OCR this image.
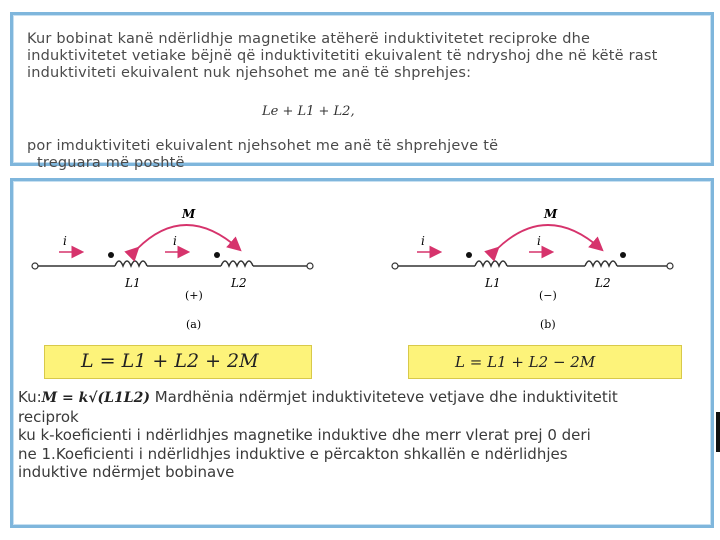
Kur bobinat kanë ndërlidhje magnetike atëherë induktivitetet reciproke dhe
induktivitetet vetiake bëjnë që induktivitetiti ekuivalent të ndryshoj dhe në këtë rast
induktiviteti ekuivalent nuk njehsohet me anë të shprehjes:
Le + L1 + L2,
por imduktiviteti ekuivalent njehsohet me anë të shprehjeve të
treguara më poshtë
M
i	i
L1	L2
(+)
(a)
M
i	i
L1	L2
(−)
(b)
L = L1 + L2 + 2M	L = L1 + L2 − 2M
Ku:M = k√(L1L2) Mardhënia ndërmjet induktiviteteve vetjave dhe induktivitetit
reciprok
ku k-koeficienti i ndërlidhjes magnetike induktive dhe merr vlerat prej 0 deri
ne 1.Koeficienti i ndërlidhjes induktive e përcakton shkallën e ndërlidhjes
induktive ndërmjet bobinave
